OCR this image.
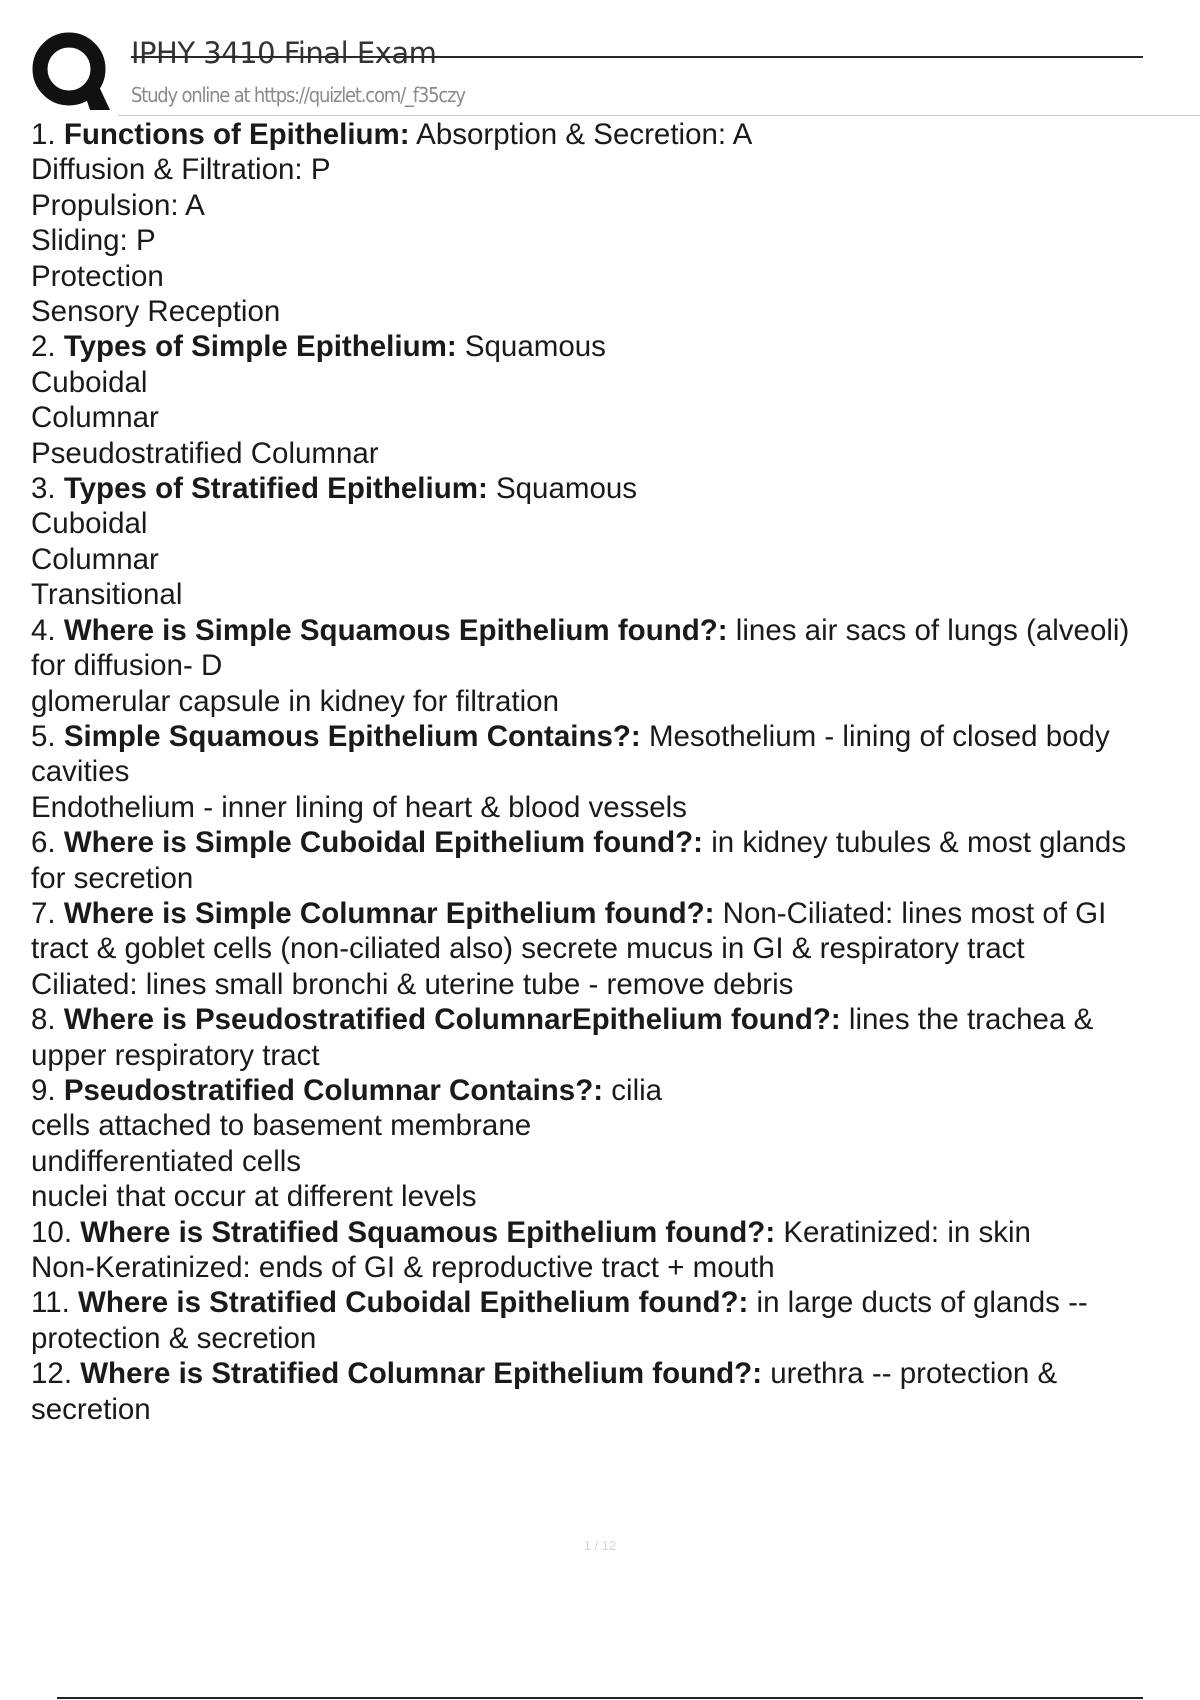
IPHY 3410 Final Exam
Study online at https://quizlet.com/_f35czy
1. Functions of Epithelium: Absorption & Secretion: A
Diffusion & Filtration: P
Propulsion: A
Sliding: P
Protection
Sensory Reception
2. Types of Simple Epithelium: Squamous
Cuboidal
Columnar
Pseudostratified Columnar
3. Types of Stratified Epithelium: Squamous
Cuboidal
Columnar
Transitional
4. Where is Simple Squamous Epithelium found?: lines air sacs of lungs (alveoli)
for diffusion- D
glomerular capsule in kidney for filtration
5. Simple Squamous Epithelium Contains?: Mesothelium - lining of closed body
cavities
Endothelium - inner lining of heart & blood vessels
6. Where is Simple Cuboidal Epithelium found?: in kidney tubules & most glands
for secretion
7. Where is Simple Columnar Epithelium found?: Non-Ciliated: lines most of GI
tract & goblet cells (non-ciliated also) secrete mucus in GI & respiratory tract
Ciliated: lines small bronchi & uterine tube - remove debris
8. Where is Pseudostratified ColumnarEpithelium found?: lines the trachea &
upper respiratory tract
9. Pseudostratified Columnar Contains?: cilia
cells attached to basement membrane
undifferentiated cells
nuclei that occur at different levels
10. Where is Stratified Squamous Epithelium found?: Keratinized: in skin
Non-Keratinized: ends of GI & reproductive tract + mouth
11. Where is Stratified Cuboidal Epithelium found?: in large ducts of glands --
protection & secretion
12. Where is Stratified Columnar Epithelium found?: urethra -- protection &
secretion
1 / 12
